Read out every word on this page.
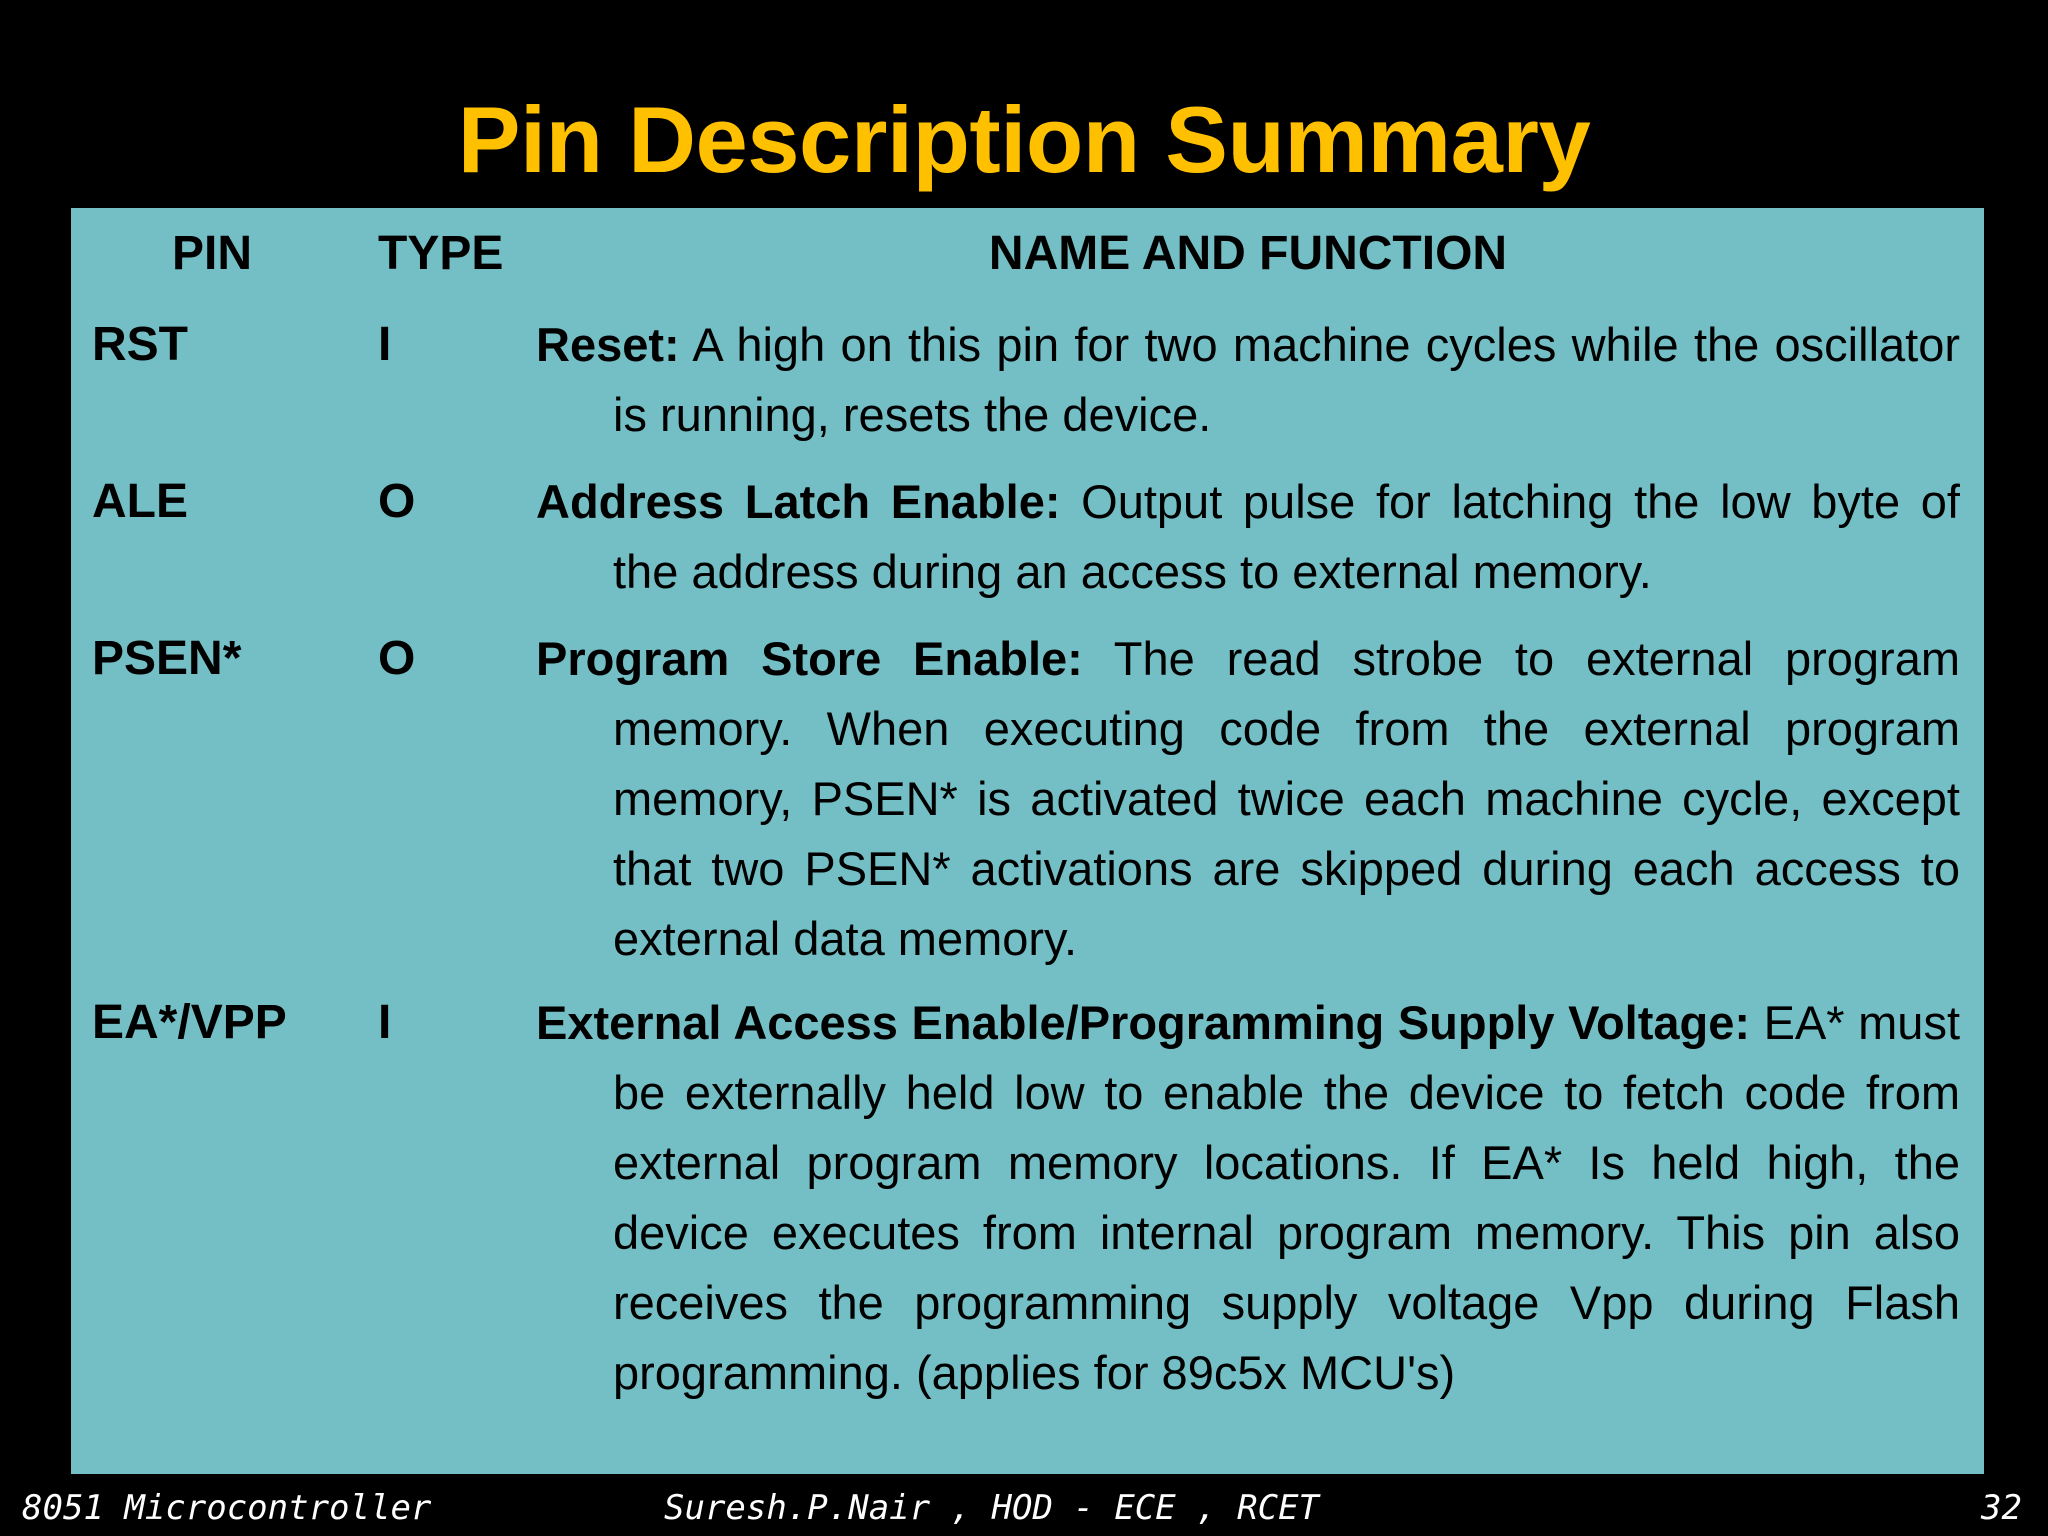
Pin Description Summary
PIN	TYPE	NAME AND FUNCTION
RST	I	Reset: A high on this pin for two machine cycles while the oscillator is running, resets the device.

ALE	O	Address Latch Enable: Output pulse for latching the low byte of the address during an access to external memory.

PSEN*	O	Program Store Enable: The read strobe to external program memory. When executing code from the external program memory, PSEN* is activated twice each machine cycle, except that two PSEN* activations are skipped during each access to external data memory.

EA*/VPP I	External Access Enable/Programming Supply Voltage: EA* must be externally held low to enable the device to fetch code from external program memory locations. If EA* Is held high, the device executes from internal program memory. This pin also receives the programming supply voltage Vpp during Flash programming. (applies for 89c5x MCU's)

8051 Microcontroller	Suresh.P.Nair , HOD - ECE , RCET	32
